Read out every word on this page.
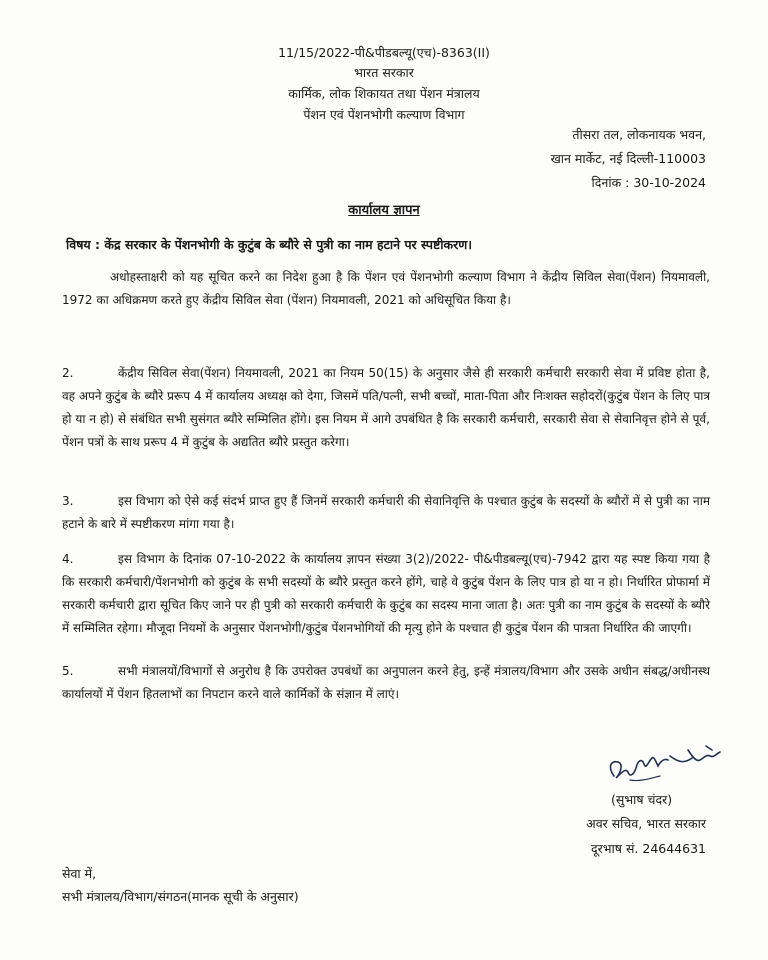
11/15/2022-पी&पीडबल्यू(एच)-8363(II)
भारत सरकार
कार्मिक, लोक शिकायत तथा पेंशन मंत्रालय
पेंशन एवं पेंशनभोगी कल्याण विभाग
तीसरा तल, लोकनायक भवन,
खान मार्केट, नई दिल्ली-110003
दिनांक : 30-10-2024
कार्यालय ज्ञापन
विषय : केंद्र सरकार के पेंशनभोगी के कुटुंब के ब्यौरे से पुत्री का नाम हटाने पर स्पष्टीकरण।
अधोहस्ताक्षरी को यह सूचित करने का निदेश हुआ है कि पेंशन एवं पेंशनभोगी कल्याण विभाग ने केंद्रीय सिविल सेवा(पेंशन) नियमावली, 1972 का अधिक्रमण करते हुए केंद्रीय सिविल सेवा (पेंशन) नियमावली, 2021 को अधिसूचित किया है।
2.	केंद्रीय सिविल सेवा(पेंशन) नियमावली, 2021 का नियम 50(15) के अनुसार जैसे ही सरकारी कर्मचारी सरकारी सेवा में प्रविष्ट होता है, वह अपने कुटुंब के ब्यौरे प्ररूप 4 में कार्यालय अध्यक्ष को देगा, जिसमें पति/पत्नी, सभी बच्चों, माता-पिता और निःशक्त सहोदरों(कुटुंब पेंशन के लिए पात्र हो या न हो) से संबंधित सभी सुसंगत ब्यौरे सम्मिलित होंगे। इस नियम में आगे उपबंधित है कि सरकारी कर्मचारी, सरकारी सेवा से सेवानिवृत्त होने से पूर्व, पेंशन पत्रों के साथ प्ररूप 4 में कुटुंब के अद्यतित ब्यौरे प्रस्तुत करेगा।
3.	इस विभाग को ऐसे कई संदर्भ प्राप्त हुए हैं जिनमें सरकारी कर्मचारी की सेवानिवृत्ति के पश्चात कुटुंब के सदस्यों के ब्यौरों में से पुत्री का नाम हटाने के बारे में स्पष्टीकरण मांगा गया है।
4.	इस विभाग के दिनांक 07-10-2022 के कार्यालय ज्ञापन संख्या 3(2)/2022- पी&पीडबल्यू(एच)-7942 द्वारा यह स्पष्ट किया गया है कि सरकारी कर्मचारी/पेंशनभोगी को कुटुंब के सभी सदस्यों के ब्यौरे प्रस्तुत करने होंगे, चाहे वे कुटुंब पेंशन के लिए पात्र हो या न हो। निर्धारित प्रोफार्मा में सरकारी कर्मचारी द्वारा सूचित किए जाने पर ही पुत्री को सरकारी कर्मचारी के कुटुंब का सदस्य माना जाता है। अतः पुत्री का नाम कुटुंब के सदस्यों के ब्यौरे में सम्मिलित रहेगा। मौजूदा नियमों के अनुसार पेंशनभोगी/कुटुंब पेंशनभोगियों की मृत्यु होने के पश्चात ही कुटुंब पेंशन की पात्रता निर्धारित की जाएगी।
5.	सभी मंत्रालयों/विभागों से अनुरोध है कि उपरोक्त उपबंधों का अनुपालन करने हेतु, इन्हें मंत्रालय/विभाग और उसके अधीन संबद्ध/अधीनस्थ कार्यालयों में पेंशन हितलाभों का निपटान करने वाले कार्मिकों के संज्ञान में लाएं।
(सुभाष चंदर)
अवर सचिव, भारत सरकार
दूरभाष सं. 24644631
सेवा में,
सभी मंत्रालय/विभाग/संगठन(मानक सूची के अनुसार)
